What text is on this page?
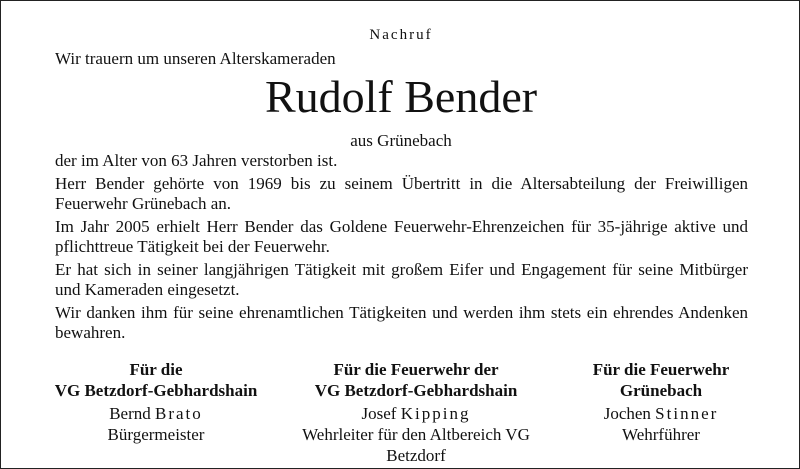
Nachruf
Wir trauern um unseren Alterskameraden
Rudolf Bender
aus Grünebach

der im Alter von 63 Jahren verstorben ist.

Herr Bender gehörte von 1969 bis zu seinem Übertritt in die Altersabteilung der Freiwilligen Feuerwehr Grünebach an.

Im Jahr 2005 erhielt Herr Bender das Goldene Feuerwehr-Ehrenzeichen für 35-jährige aktive und pflichttreue Tätigkeit bei der Feuerwehr.

Er hat sich in seiner langjährigen Tätigkeit mit großem Eifer und Engagement für seine Mitbürger und Kameraden eingesetzt.

Wir danken ihm für seine ehrenamtlichen Tätigkeiten und werden ihm stets ein ehrendes Andenken bewahren.

Für die
VG Betzdorf-Gebhardshain
Bernd Brato
Bürgermeister
Für die Feuerwehr der
VG Betzdorf-Gebhardshain
Josef Kipping
Wehrleiter für den Altbereich VG Betzdorf
Für die Feuerwehr
Grünebach
Jochen Stinner
Wehrführer
